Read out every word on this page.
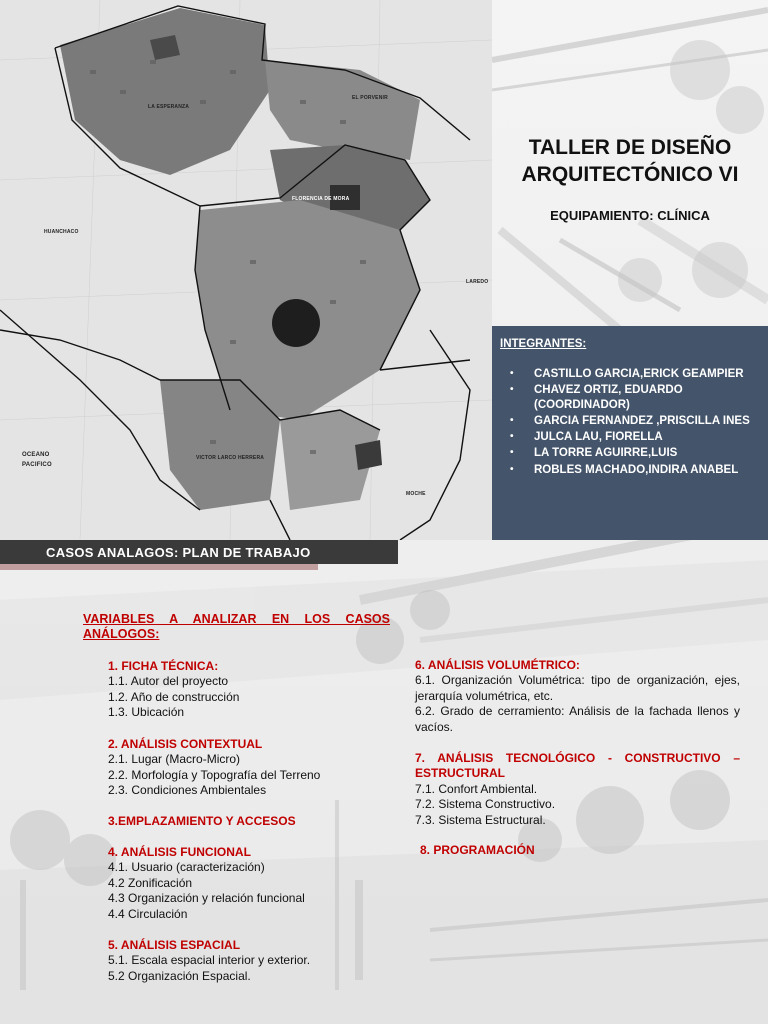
LA ESPERANZA
EL PORVENIR
HUANCHACO
FLORENCIA DE MORA
LAREDO
OCEANO
PACIFICO
VICTOR LARCO HERRERA
MOCHE
TALLER DE DISEÑO
ARQUITECTÓNICO VI
EQUIPAMIENTO: CLÍNICA
INTEGRANTES:
• CASTILLO GARCIA,ERICK GEAMPIER
• CHAVEZ ORTIZ, EDUARDO (COORDINADOR)
• GARCIA FERNANDEZ ,PRISCILLA INES
• JULCA LAU, FIORELLA
• LA TORRE AGUIRRE,LUIS
• ROBLES MACHADO,INDIRA ANABEL
CASOS ANALAGOS: PLAN DE TRABAJO
VARIABLES A ANALIZAR EN LOS CASOS ANÁLOGOS:
1. FICHA TÉCNICA:
1.1. Autor del proyecto
1.2. Año de construcción
1.3. Ubicación
2. ANÁLISIS CONTEXTUAL
2.1. Lugar (Macro-Micro)
2.2. Morfología y Topografía del Terreno
2.3. Condiciones Ambientales
3.EMPLAZAMIENTO Y ACCESOS
4. ANÁLISIS FUNCIONAL
4.1. Usuario (caracterización)
4.2 Zonificación
4.3 Organización y relación funcional
4.4 Circulación
5. ANÁLISIS ESPACIAL
5.1. Escala espacial interior y exterior.
5.2 Organización Espacial.
6. ANÁLISIS VOLUMÉTRICO:
6.1. Organización Volumétrica: tipo de organización, ejes, jerarquía volumétrica, etc.
6.2. Grado de cerramiento: Análisis de la fachada llenos y vacíos.
7. ANÁLISIS TECNOLÓGICO - CONSTRUCTIVO – ESTRUCTURAL
7.1. Confort Ambiental.
7.2. Sistema Constructivo.
7.3. Sistema Estructural.
8. PROGRAMACIÓN
